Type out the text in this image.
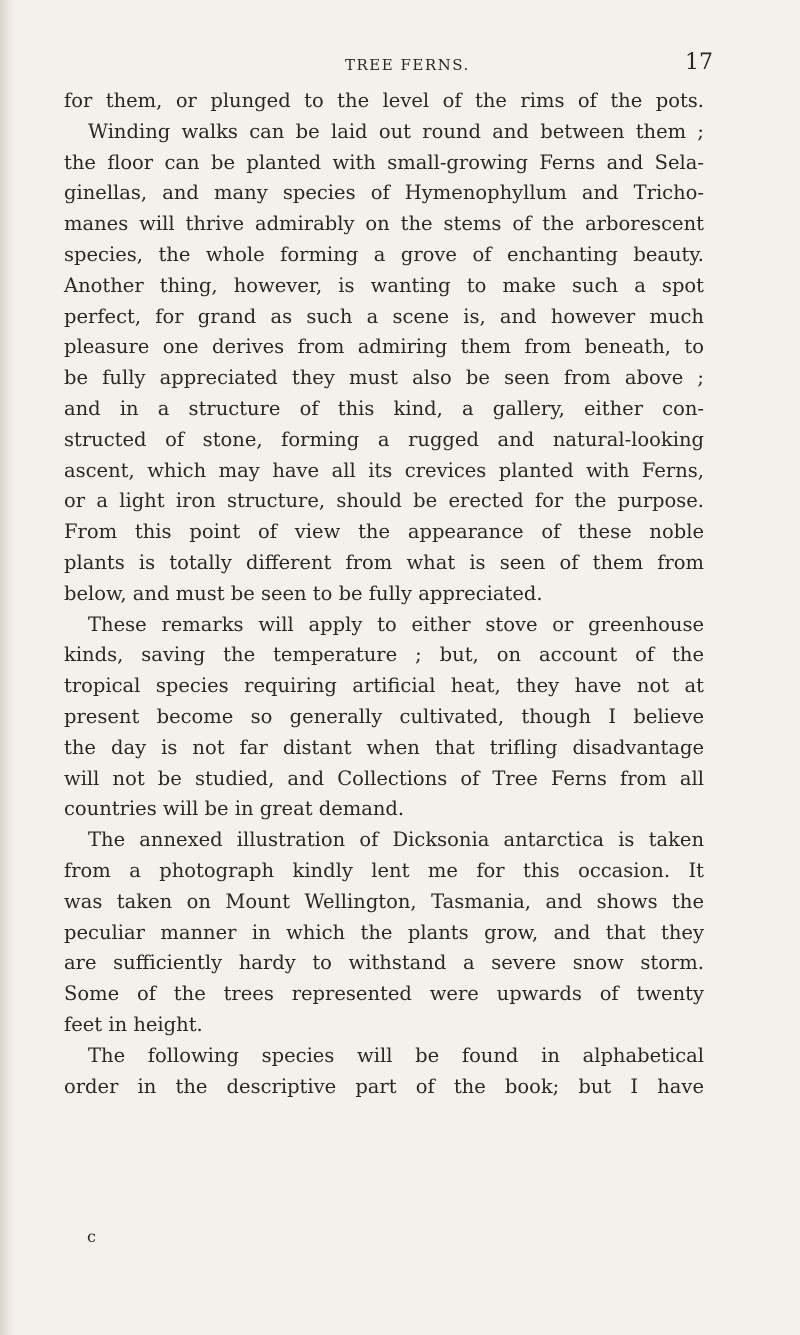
TREE FERNS.	17
for them, or plunged to the level of the rims of the pots.
Winding walks can be laid out round and between them ;
the floor can be planted with small-growing Ferns and Sela-
ginellas, and many species of Hymenophyllum and Tricho-
manes will thrive admirably on the stems of the arborescent
species, the whole forming a grove of enchanting beauty.
Another thing, however, is wanting to make such a spot
perfect, for grand as such a scene is, and however much
pleasure one derives from admiring them from beneath, to
be fully appreciated they must also be seen from above ;
and in a structure of this kind, a gallery, either con-
structed of stone, forming a rugged and natural-looking
ascent, which may have all its crevices planted with Ferns,
or a light iron structure, should be erected for the purpose.
From this point of view the appearance of these noble
plants is totally different from what is seen of them from
below, and must be seen to be fully appreciated.
These remarks will apply to either stove or greenhouse
kinds, saving the temperature ; but, on account of the
tropical species requiring artificial heat, they have not at
present become so generally cultivated, though I believe
the day is not far distant when that trifling disadvantage
will not be studied, and Collections of Tree Ferns from all
countries will be in great demand.
The annexed illustration of Dicksonia antarctica is taken
from a photograph kindly lent me for this occasion. It
was taken on Mount Wellington, Tasmania, and shows the
peculiar manner in which the plants grow, and that they
are sufficiently hardy to withstand a severe snow storm.
Some of the trees represented were upwards of twenty
feet in height.
The following species will be found in alphabetical
order in the descriptive part of the book; but I have
c
